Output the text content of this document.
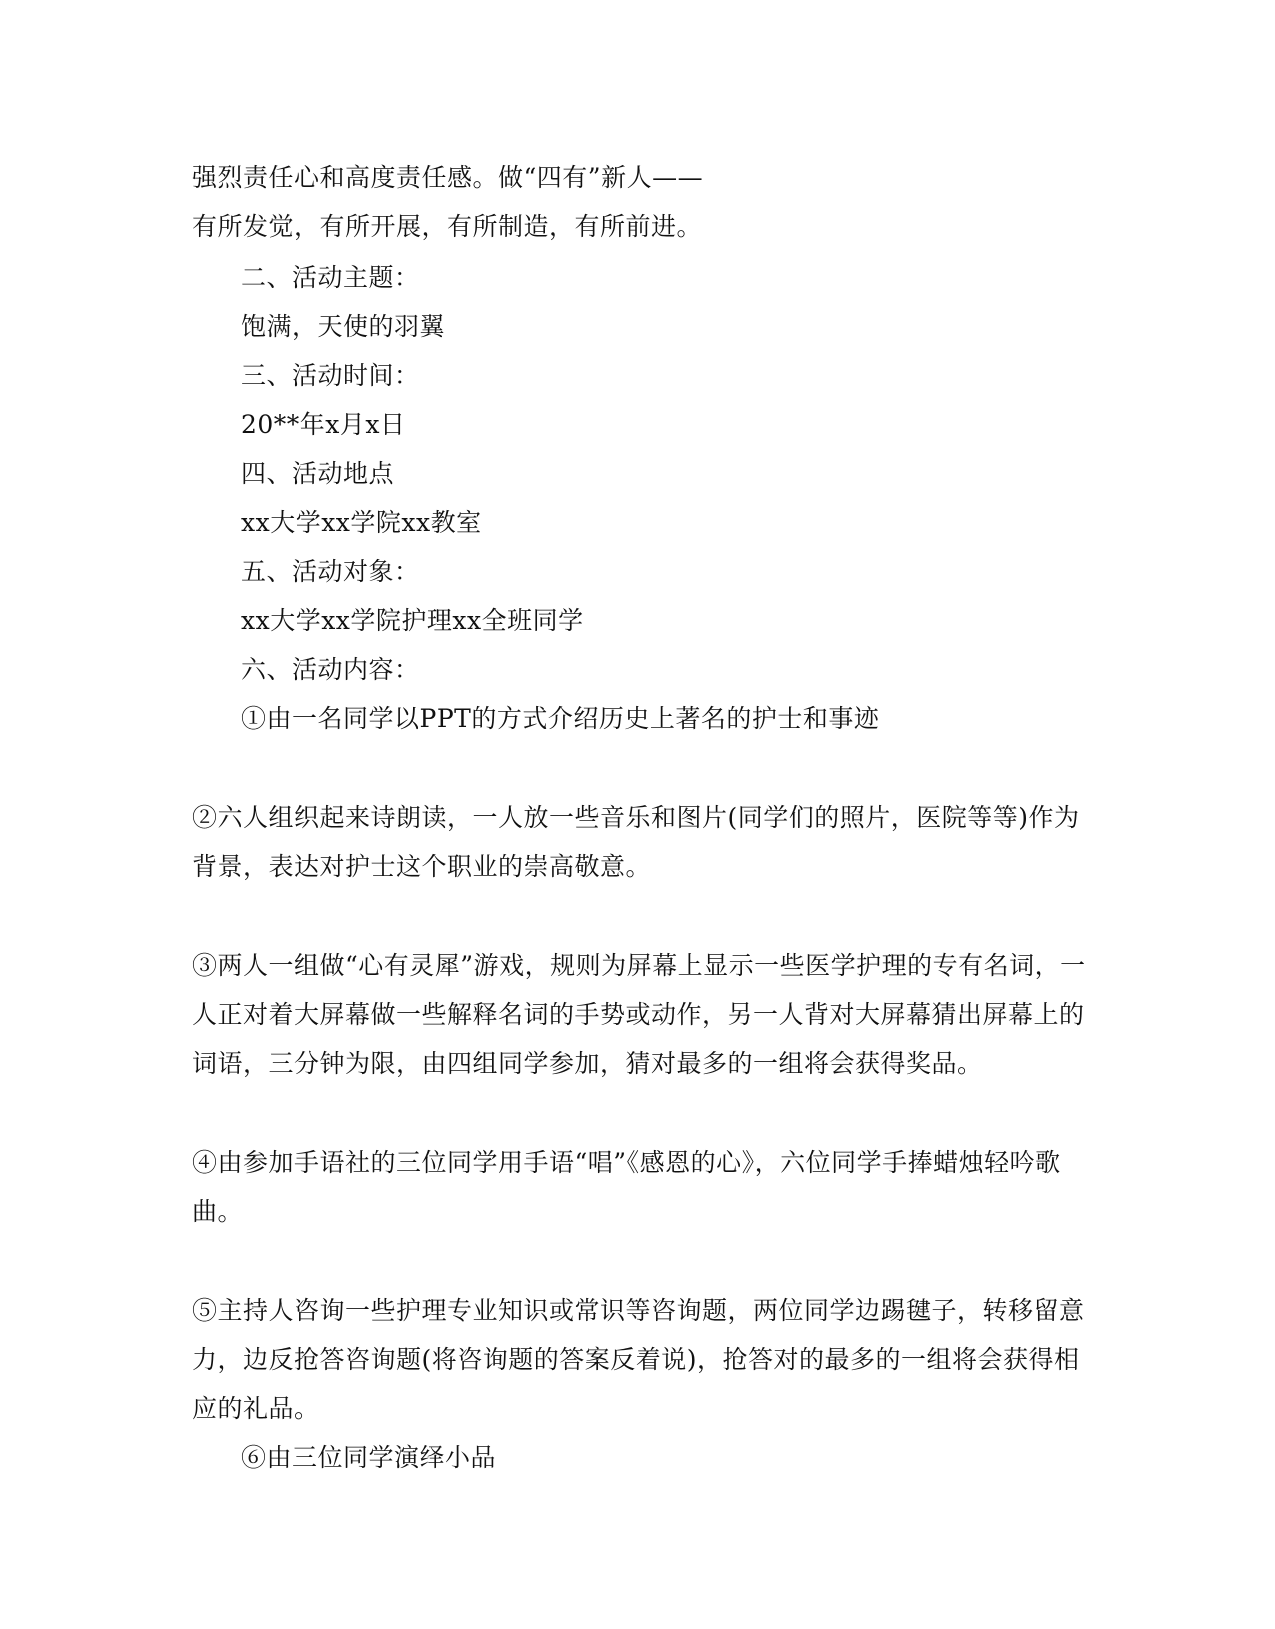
强烈责任心和高度责任感。做“四有”新人——
有所发觉，有所开展，有所制造，有所前进。
二、活动主题：
饱满，天使的羽翼
三、活动时间：
20**年x月x日
四、活动地点
xx大学xx学院xx教室
五、活动对象：
xx大学xx学院护理xx全班同学
六、活动内容：
①由一名同学以PPT的方式介绍历史上著名的护士和事迹
②六人组织起来诗朗读，一人放一些音乐和图片(同学们的照片，医院等等)作为
背景，表达对护士这个职业的崇高敬意。
③两人一组做“心有灵犀”游戏，规则为屏幕上显示一些医学护理的专有名词，一
人正对着大屏幕做一些解释名词的手势或动作，另一人背对大屏幕猜出屏幕上的
词语，三分钟为限，由四组同学参加，猜对最多的一组将会获得奖品。
④由参加手语社的三位同学用手语“唱”《感恩的心》，六位同学手捧蜡烛轻吟歌
曲。
⑤主持人咨询一些护理专业知识或常识等咨询题，两位同学边踢毽子，转移留意
力，边反抢答咨询题(将咨询题的答案反着说)，抢答对的最多的一组将会获得相
应的礼品。
⑥由三位同学演绎小品
